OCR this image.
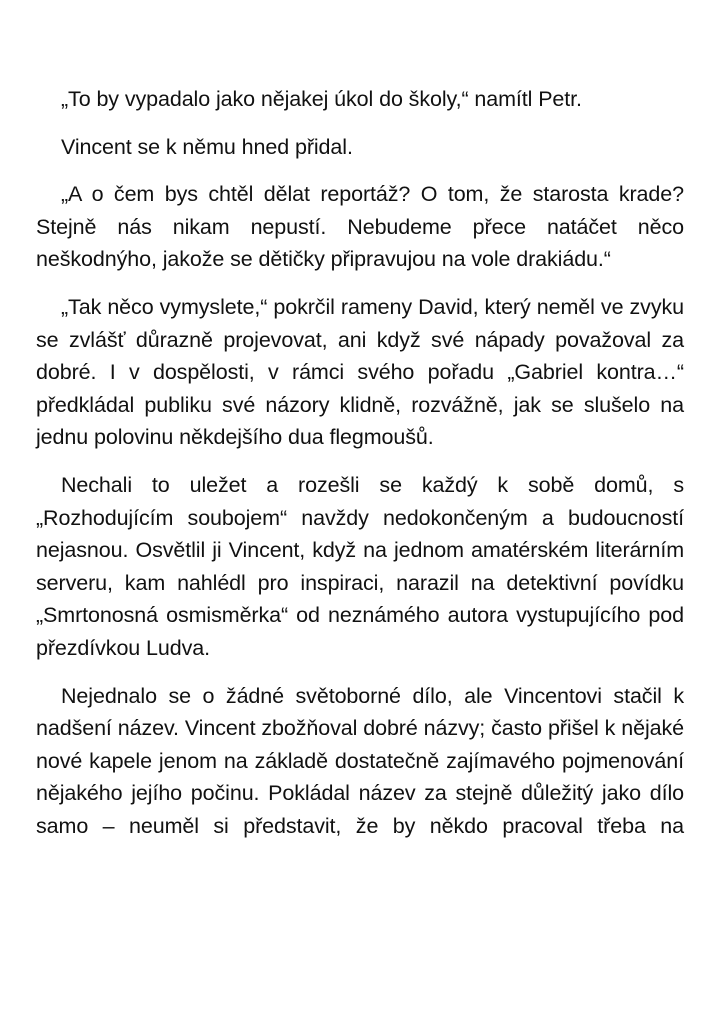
„To by vypadalo jako nějakej úkol do školy,“ namítl Petr.

Vincent se k němu hned přidal.

„A o čem bys chtěl dělat reportáž? O tom, že starosta krade? Stejně nás nikam nepustí. Nebudeme přece natáčet něco neškodnýho, jakože se dětičky připravujou na vole drakiádu.“

„Tak něco vymyslete,“ pokrčil rameny David, který neměl ve zvyku se zvlášť důrazně projevovat, ani když své nápady považoval za dobré. I v dospělosti, v rámci svého pořadu „Gabriel kontra…“ předkládal publiku své názory klidně, rozvážně, jak se slušelo na jednu polovinu někdejšího dua flegmoušů.

Nechali to uležet a rozešli se každý k sobě domů, s „Rozhodujícím soubojem“ navždy nedokončeným a budoucností nejasnou. Osvětlil ji Vincent, když na jednom amatérském literárním serveru, kam nahlédl pro inspiraci, narazil na detektivní povídku „Smrtonosná osmisměrka“ od neznámého autora vystupujícího pod přezdívkou Ludva.

Nejednalo se o žádné světoborné dílo, ale Vincentovi stačil k nadšení název. Vincent zbožňoval dobré názvy; často přišel k nějaké nové kapele jenom na základě dostatečně zajímavého pojmenování nějakého jejího počinu. Pokládal název za stejně důležitý jako dílo samo – neuměl si představit, že by někdo pracoval třeba na
